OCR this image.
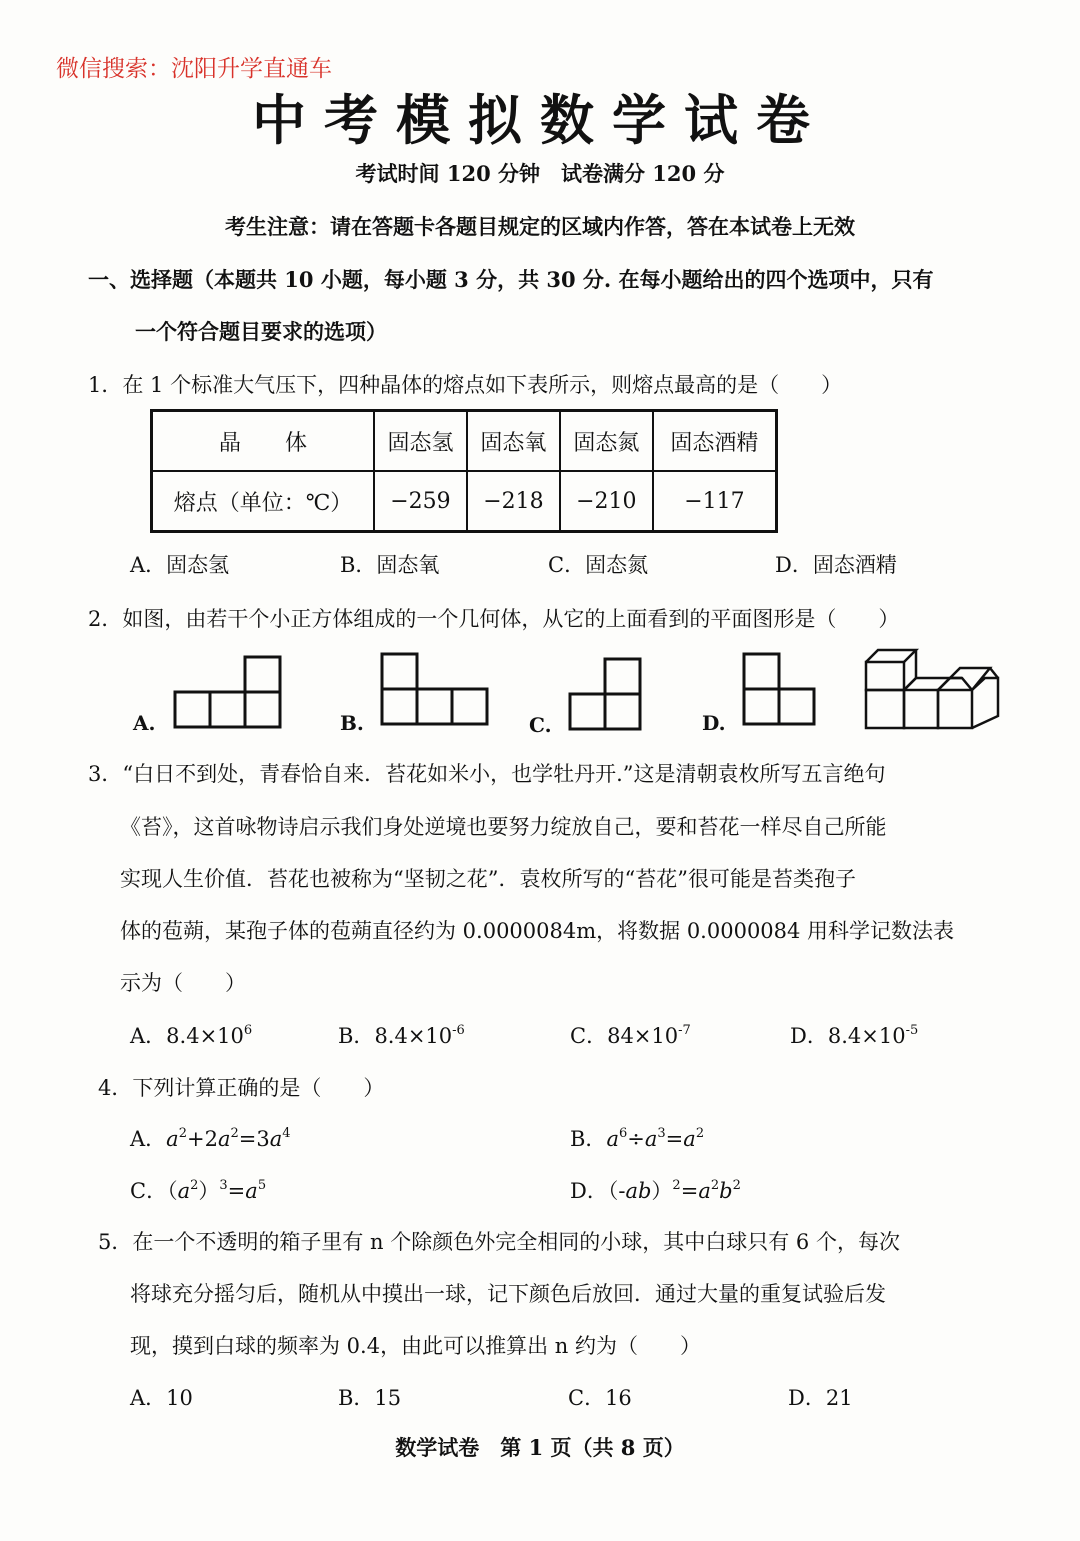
微信搜索：沈阳升学直通车
中考模拟数学试卷
考试时间 120 分钟　试卷满分 120 分
考生注意：请在答题卡各题目规定的区域内作答，答在本试卷上无效
一、选择题（本题共 10 小题，每小题 3 分，共 30 分. 在每小题给出的四个选项中，只有
一个符合题目要求的选项）
1．在 1 个标准大气压下，四种晶体的熔点如下表所示，则熔点最高的是（　　）
晶　　体	固态氢	固态氧	固态氮	固态酒精
熔点（单位：℃）	−259	−218	−210	−117
A．固态氢	B．固态氧	C．固态氮	D．固态酒精
2．如图，由若干个小正方体组成的一个几何体，从它的上面看到的平面图形是（　　）
A.	B.	C.	D.
3．“白日不到处，青春恰自来．苔花如米小，也学牡丹开.”这是清朝袁枚所写五言绝句
《苔》，这首咏物诗启示我们身处逆境也要努力绽放自己，要和苔花一样尽自己所能
实现人生价值．苔花也被称为“坚韧之花”．袁枚所写的“苔花”很可能是苔类孢子
体的苞蒴，某孢子体的苞蒴直径约为 0.0000084m，将数据 0.0000084 用科学记数法表
示为（　　）
A．$8.4\times 10^6$	B．$8.4\times 10^{-6}$	C．$84\times 10^{-7}$	D．$8.4\times 10^{-5}$
4．下列计算正确的是（　　）
A．$a^2+2a^2=3a^4$	B．$a^6\div a^3=a^2$
C．$(a^2)^3=a^5$	D．$(-ab)^2=a^2b^2$
5．在一个不透明的箱子里有 n 个除颜色外完全相同的小球，其中白球只有 6 个，每次
将球充分摇匀后，随机从中摸出一球，记下颜色后放回．通过大量的重复试验后发
现，摸到白球的频率为 0.4，由此可以推算出 n 约为（　　）
A．10	B．15	C．16	D．21
数学试卷　第 1 页（共 8 页）
